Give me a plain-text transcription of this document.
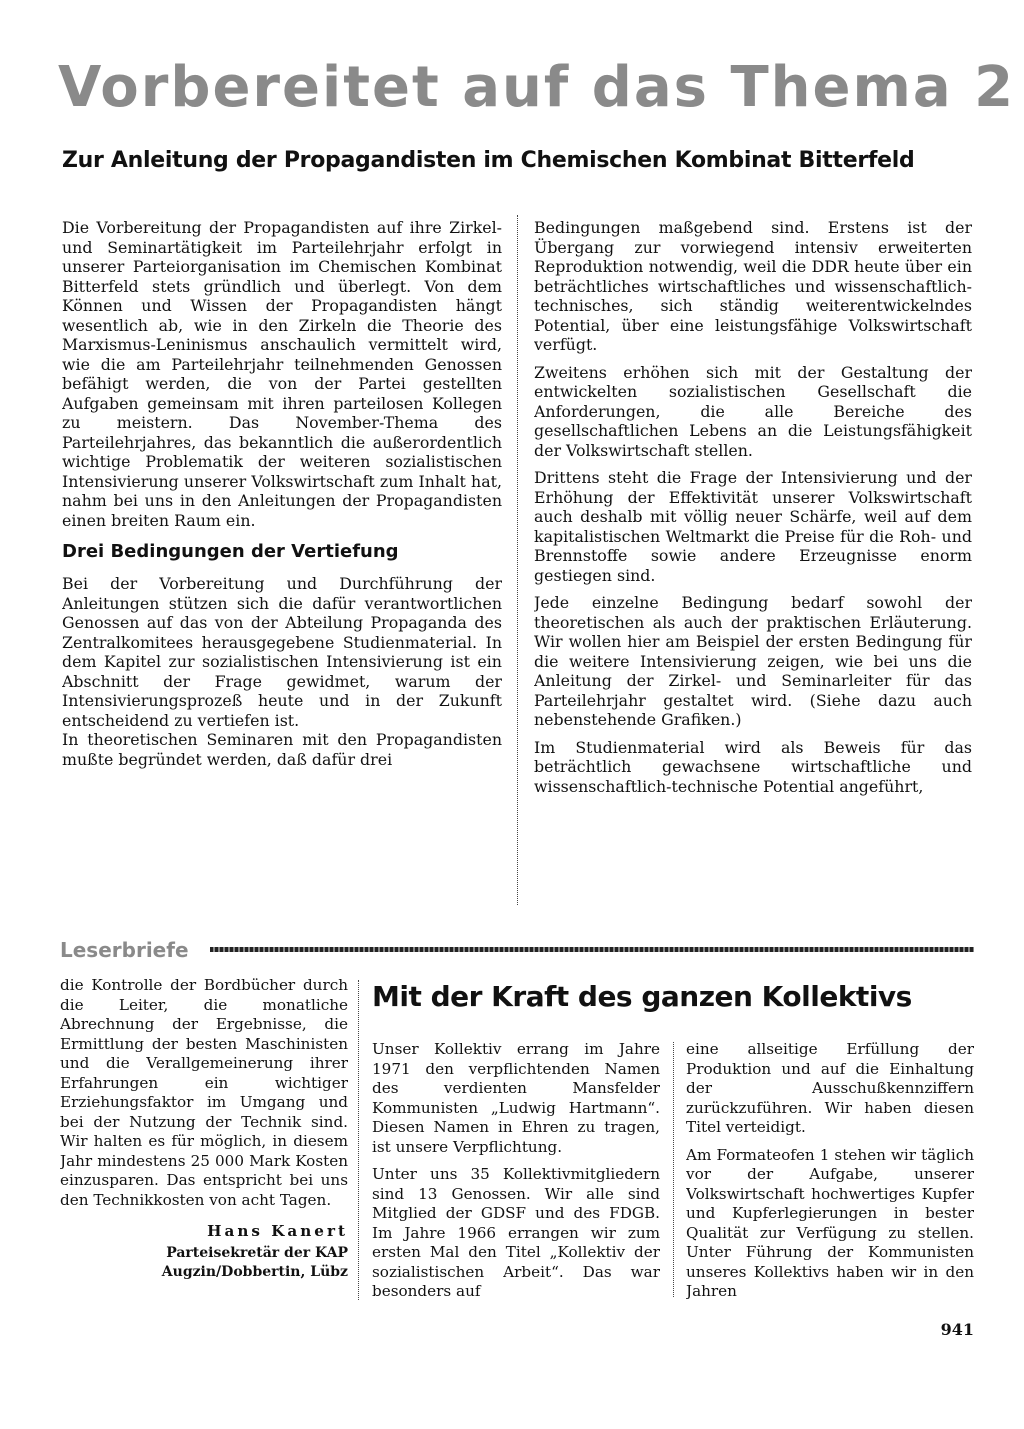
Vorbereitet auf das Thema 2
Zur Anleitung der Propagandisten im Chemischen Kombinat Bitterfeld

Die Vorbereitung der Propagandisten auf ihre Zirkel- und Seminartätigkeit im Parteilehrjahr erfolgt in unserer Parteiorganisation im Chemischen Kombinat Bitterfeld stets gründlich und überlegt. Von dem Können und Wissen der Propagandisten hängt wesentlich ab, wie in den Zirkeln die Theorie des Marxismus-Leninismus anschaulich vermittelt wird, wie die am Parteilehrjahr teilnehmenden Genossen befähigt werden, die von der Partei gestellten Aufgaben gemeinsam mit ihren parteilosen Kollegen zu meistern. Das November-Thema des Parteilehrjahres, das bekanntlich die außerordentlich wichtige Problematik der weiteren sozialistischen Intensivierung unserer Volkswirtschaft zum Inhalt hat, nahm bei uns in den Anleitungen der Propagandisten einen breiten Raum ein.

Drei Bedingungen der Vertiefung

Bei der Vorbereitung und Durchführung der Anleitungen stützen sich die dafür verantwortlichen Genossen auf das von der Abteilung Propaganda des Zentralkomitees herausgegebene Studienmaterial. In dem Kapitel zur sozialistischen Intensivierung ist ein Abschnitt der Frage gewidmet, warum der Intensivierungsprozeß heute und in der Zukunft entscheidend zu vertiefen ist.

In theoretischen Seminaren mit den Propagandisten mußte begründet werden, daß dafür drei

Bedingungen maßgebend sind. Erstens ist der Übergang zur vorwiegend intensiv erweiterten Reproduktion notwendig, weil die DDR heute über ein beträchtliches wirtschaftliches und wissenschaftlich-technisches, sich ständig weiterentwickelndes Potential, über eine leistungsfähige Volkswirtschaft verfügt.

Zweitens erhöhen sich mit der Gestaltung der entwickelten sozialistischen Gesellschaft die Anforderungen, die alle Bereiche des gesellschaftlichen Lebens an die Leistungsfähigkeit der Volkswirtschaft stellen.

Drittens steht die Frage der Intensivierung und der Erhöhung der Effektivität unserer Volkswirtschaft auch deshalb mit völlig neuer Schärfe, weil auf dem kapitalistischen Weltmarkt die Preise für die Roh- und Brennstoffe sowie andere Erzeugnisse enorm gestiegen sind.

Jede einzelne Bedingung bedarf sowohl der theoretischen als auch der praktischen Erläuterung. Wir wollen hier am Beispiel der ersten Bedingung für die weitere Intensivierung zeigen, wie bei uns die Anleitung der Zirkel- und Seminarleiter für das Parteilehrjahr gestaltet wird. (Siehe dazu auch nebenstehende Grafiken.)

Im Studienmaterial wird als Beweis für das beträchtlich gewachsene wirtschaftliche und wissenschaftlich-technische Potential angeführt,

Leserbriefe

die Kontrolle der Bordbücher durch die Leiter, die monatliche Abrechnung der Ergebnisse, die Ermittlung der besten Maschinisten und die Verallgemeinerung ihrer Erfahrungen ein wichtiger Erziehungsfaktor im Umgang und bei der Nutzung der Technik sind. Wir halten es für möglich, in diesem Jahr mindestens 25 000 Mark Kosten einzusparen. Das entspricht bei uns den Technikkosten von acht Tagen.

Hans Kanert
Parteisekretär der KAP
Augzin/Dobbertin, Lübz
Mit der Kraft des ganzen Kollektivs

Unser Kollektiv errang im Jahre 1971 den verpflichtenden Namen des verdienten Mansfelder Kommunisten „Ludwig Hartmann“. Diesen Namen in Ehren zu tragen, ist unsere Verpflichtung.

Unter uns 35 Kollektivmitgliedern sind 13 Genossen. Wir alle sind Mitglied der GDSF und des FDGB. Im Jahre 1966 errangen wir zum ersten Mal den Titel „Kollektiv der sozialistischen Arbeit“. Das war besonders auf

eine allseitige Erfüllung der Produktion und auf die Einhaltung der Ausschußkennziffern zurückzuführen. Wir haben diesen Titel verteidigt.

Am Formateofen 1 stehen wir täglich vor der Aufgabe, unserer Volkswirtschaft hochwertiges Kupfer und Kupferlegierungen in bester Qualität zur Verfügung zu stellen. Unter Führung der Kommunisten unseres Kollektivs haben wir in den Jahren

941
